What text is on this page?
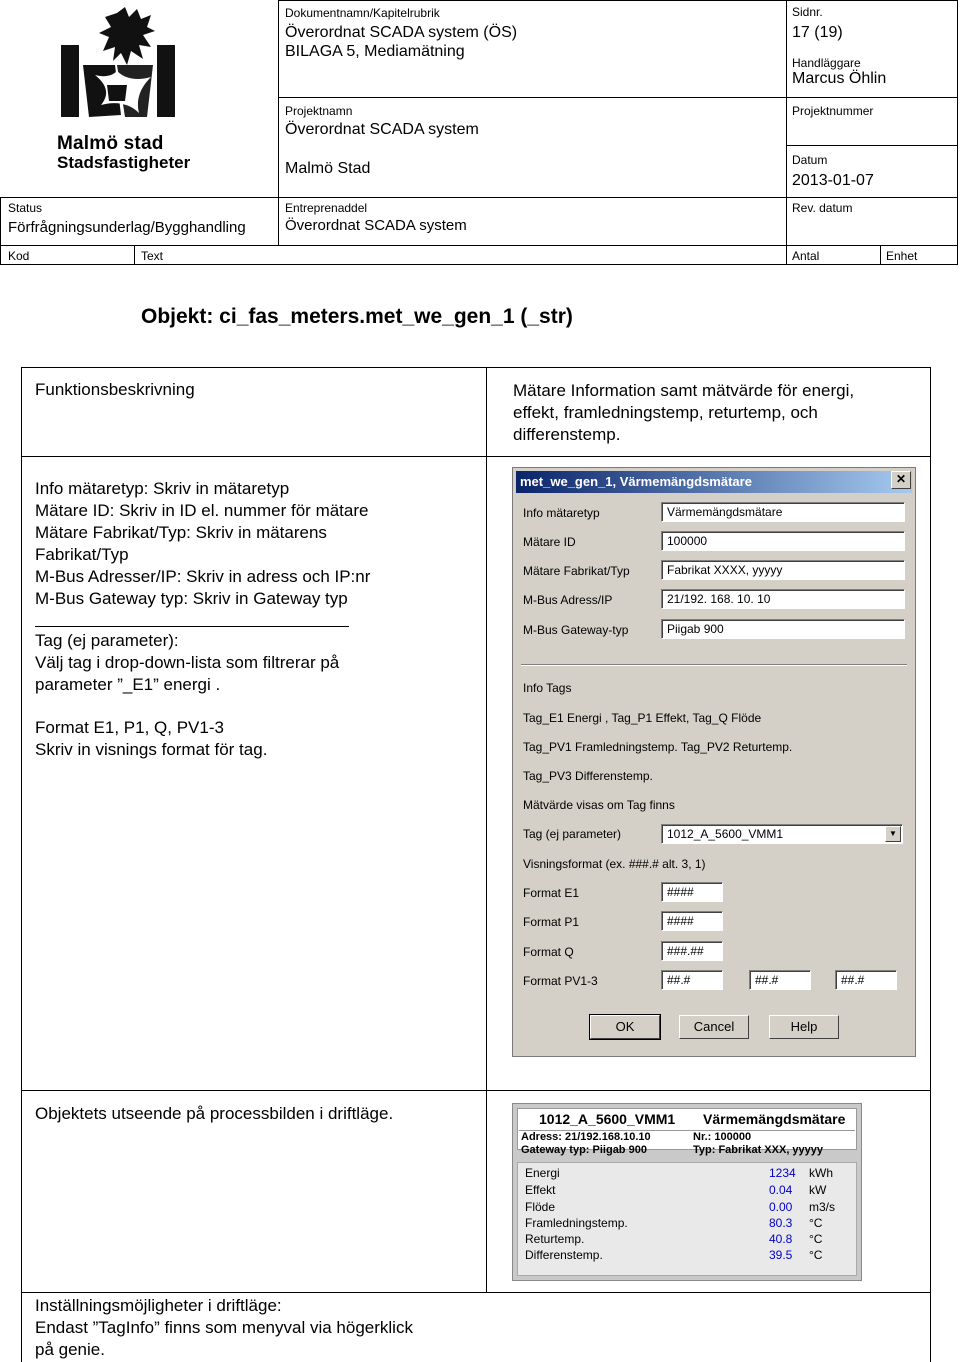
Malmö stad
Stadsfastigheter
Dokumentnamn/Kapitelrubrik
Överordnat SCADA system (ÖS)
BILAGA 5, Mediamätning
Sidnr.
17 (19)
Handläggare
Marcus Öhlin
Projektnamn
Överordnat SCADA system
Malmö Stad
Projektnummer
Datum
2013-01-07
Status
Förfrågningsunderlag/Bygghandling
Entreprenaddel
Överordnat SCADA system
Rev. datum
Kod	Text	Antal	Enhet
Objekt: ci_fas_meters.met_we_gen_1 (_str)
Funktionsbeskrivning	Mätare Information samt mätvärde för energi,
effekt, framledningstemp, returtemp, och
differenstemp.
Info mätaretyp: Skriv in mätaretyp
Mätare ID: Skriv in ID el. nummer för mätare
Mätare Fabrikat/Typ: Skriv in mätarens
Fabrikat/Typ
M-Bus Adresser/IP: Skriv in adress och IP:nr
M-Bus Gateway typ: Skriv in Gateway typ
Tag (ej parameter):
Välj tag i drop-down-lista som filtrerar på
parameter ”_E1” energi .
Format E1, P1, Q, PV1-3
Skriv in visnings format för tag.
Objektets utseende på processbilden i driftläge.
Inställningsmöjligheter i driftläge:
Endast ”TagInfo” finns som menyval via högerklick
på genie.
met_we_gen_1, Värmemängdsmätare	✕
Info mätaretyp	Värmemängdsmätare
Mätare ID	100000
Mätare Fabrikat/Typ	Fabrikat XXXX, yyyyy
M-Bus Adress/IP	21/192. 168. 10. 10
M-Bus Gateway-typ	Piigab 900
Info Tags
Tag_E1 Energi , Tag_P1 Effekt, Tag_Q Flöde
Tag_PV1 Framledningstemp. Tag_PV2 Returtemp.
Tag_PV3 Differenstemp.
Mätvärde visas om Tag finns
Tag (ej parameter)	1012_A_5600_VMM1	▼
Visningsformat (ex. ###.# alt. 3, 1)
Format E1	####
Format P1	####
Format Q	###.##
Format PV1-3	##.#	##.#	##.#
OK	Cancel	Help
1012_A_5600_VMM1 Värmemängdsmätare
Adress: 21/192.168.10.10	Nr.: 100000
Gateway typ: Piigab 900	Typ: Fabrikat XXX, yyyyy
Energi	1234 kWh
Effekt	0.04 kW
Flöde	0.00 m3/s
Framledningstemp.	80.3 °C
Returtemp.	40.8 °C
Differenstemp.	39.5 °C
